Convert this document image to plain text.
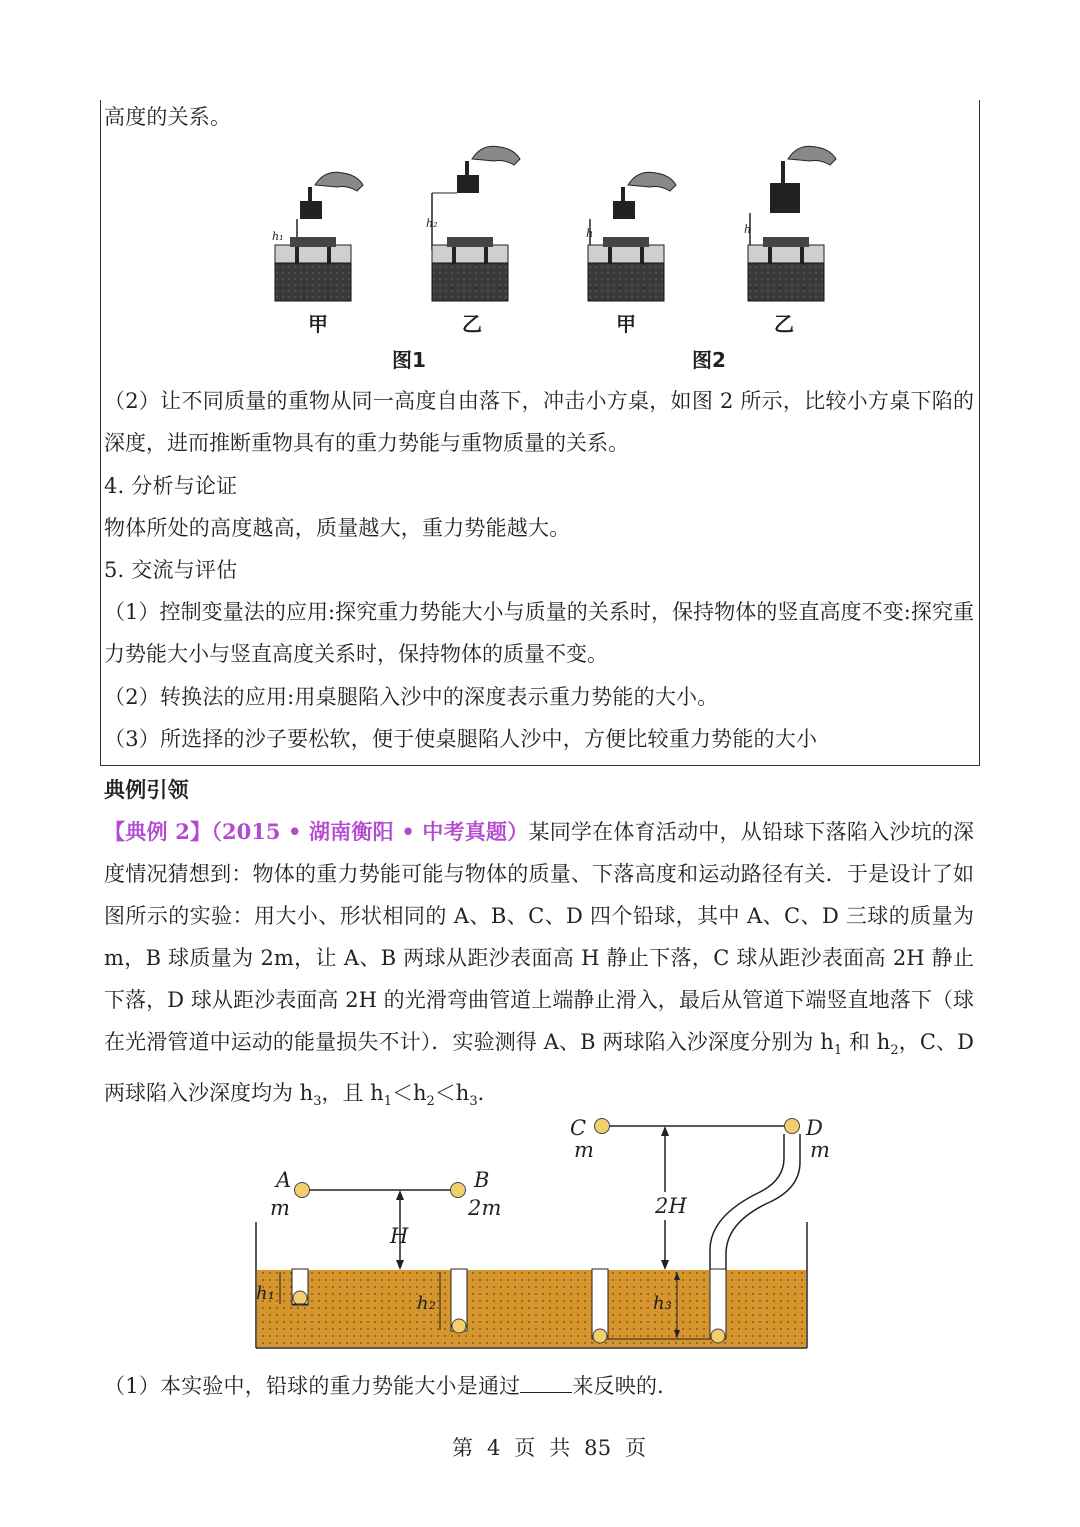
高度的关系。
h₁
h₂
h	h
甲	乙	甲	乙
图1	图2
（2）让不同质量的重物从同一高度自由落下，冲击小方桌，如图 2 所示，比较小方桌下陷的深度，进而推断重物具有的重力势能与重物质量的关系。
4. 分析与论证
物体所处的高度越高，质量越大，重力势能越大。
5. 交流与评估
（1）控制变量法的应用:探究重力势能大小与质量的关系时，保持物体的竖直高度不变:探究重力势能大小与竖直高度关系时，保持物体的质量不变。
（2）转换法的应用:用桌腿陷入沙中的深度表示重力势能的大小。
（3）所选择的沙子要松软，便于使桌腿陷人沙中，方便比较重力势能的大小
典例引领
【典例 2】（2015 • 湖南衡阳 • 中考真题）某同学在体育活动中，从铅球下落陷入沙坑的深度情况猜想到：物体的重力势能可能与物体的质量、下落高度和运动路径有关．于是设计了如图所示的实验：用大小、形状相同的 A、B、C、D 四个铅球，其中 A、C、D 三球的质量为 m，B 球质量为 2m，让 A、B 两球从距沙表面高 H 静止下落，C 球从距沙表面高 2H 静止下落，D 球从距沙表面高 2H 的光滑弯曲管道上端静止滑入，最后从管道下端竖直地落下（球在光滑管道中运动的能量损失不计）．实验测得 A、B 两球陷入沙深度分别为 $h_1$ 和 $h_2$，C、D 两球陷入沙深度均为 $h_3$，且 $h_1<h_2<h_3$．
A
m
B
2m
C
m
D
m
H
2H
h₁	h₂	h₃
（1）本实验中，铅球的重力势能大小是通过 来反映的．
第  4  页  共  85  页
